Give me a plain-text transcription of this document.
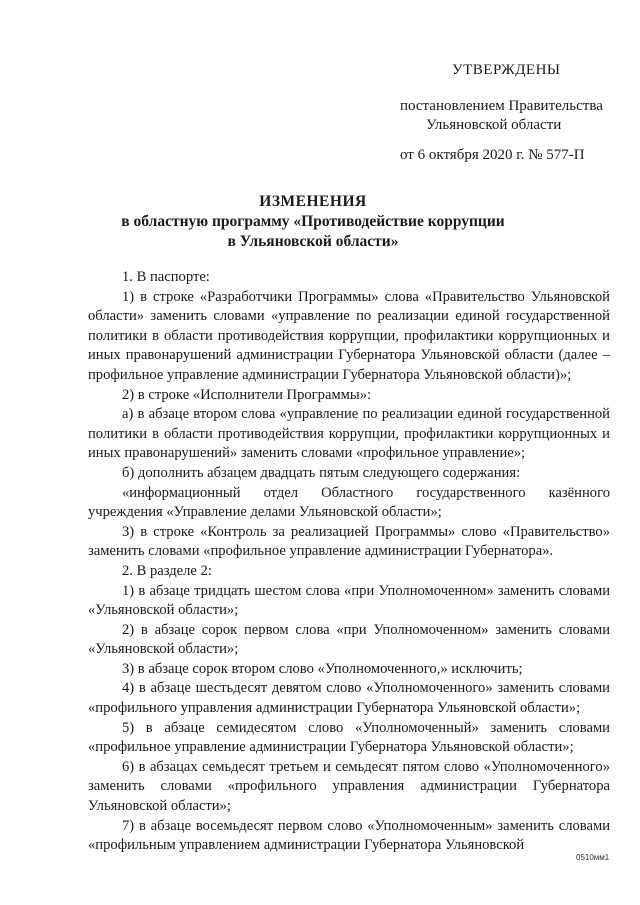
УТВЕРЖДЕНЫ
постановлением Правительства
Ульяновской области
от 6 октября 2020 г. № 577-П
ИЗМЕНЕНИЯ
в областную программу «Противодействие коррупции
в Ульяновской области»

1. В паспорте:

1) в строке «Разработчики Программы» слова «Правительство Ульяновской области» заменить словами «управление по реализации единой государственной политики в области противодействия коррупции, профилактики коррупционных и иных правонарушений администрации Губернатора Ульяновской области (далее – профильное управление администрации Губернатора Ульяновской области)»;

2) в строке «Исполнители Программы»:

а) в абзаце втором слова «управление по реализации единой государственной политики в области противодействия коррупции, профилактики коррупционных и иных правонарушений» заменить словами «профильное управление»;

б) дополнить абзацем двадцать пятым следующего содержания:

«информационный отдел Областного государственного казённого учреждения «Управление делами Ульяновской области»;

3) в строке «Контроль за реализацией Программы» слово «Правительство» заменить словами «профильное управление администрации Губернатора».

2. В разделе 2:

1) в абзаце тридцать шестом слова «при Уполномоченном» заменить словами «Ульяновской области»;

2) в абзаце сорок первом слова «при Уполномоченном» заменить словами «Ульяновской области»;

3) в абзаце сорок втором слово «Уполномоченного,» исключить;

4) в абзаце шестьдесят девятом слово «Уполномоченного» заменить словами «профильного управления администрации Губернатора Ульяновской области»;

5) в абзаце семидесятом слово «Уполномоченный» заменить словами «профильное управление администрации Губернатора Ульяновской области»;

6) в абзацах семьдесят третьем и семьдесят пятом слово «Уполномоченного» заменить словами «профильного управления администрации Губернатора Ульяновской области»;

7) в абзаце восемьдесят первом слово «Уполномоченным» заменить словами «профильным управлением администрации Губернатора Ульяновской

0510мм1
